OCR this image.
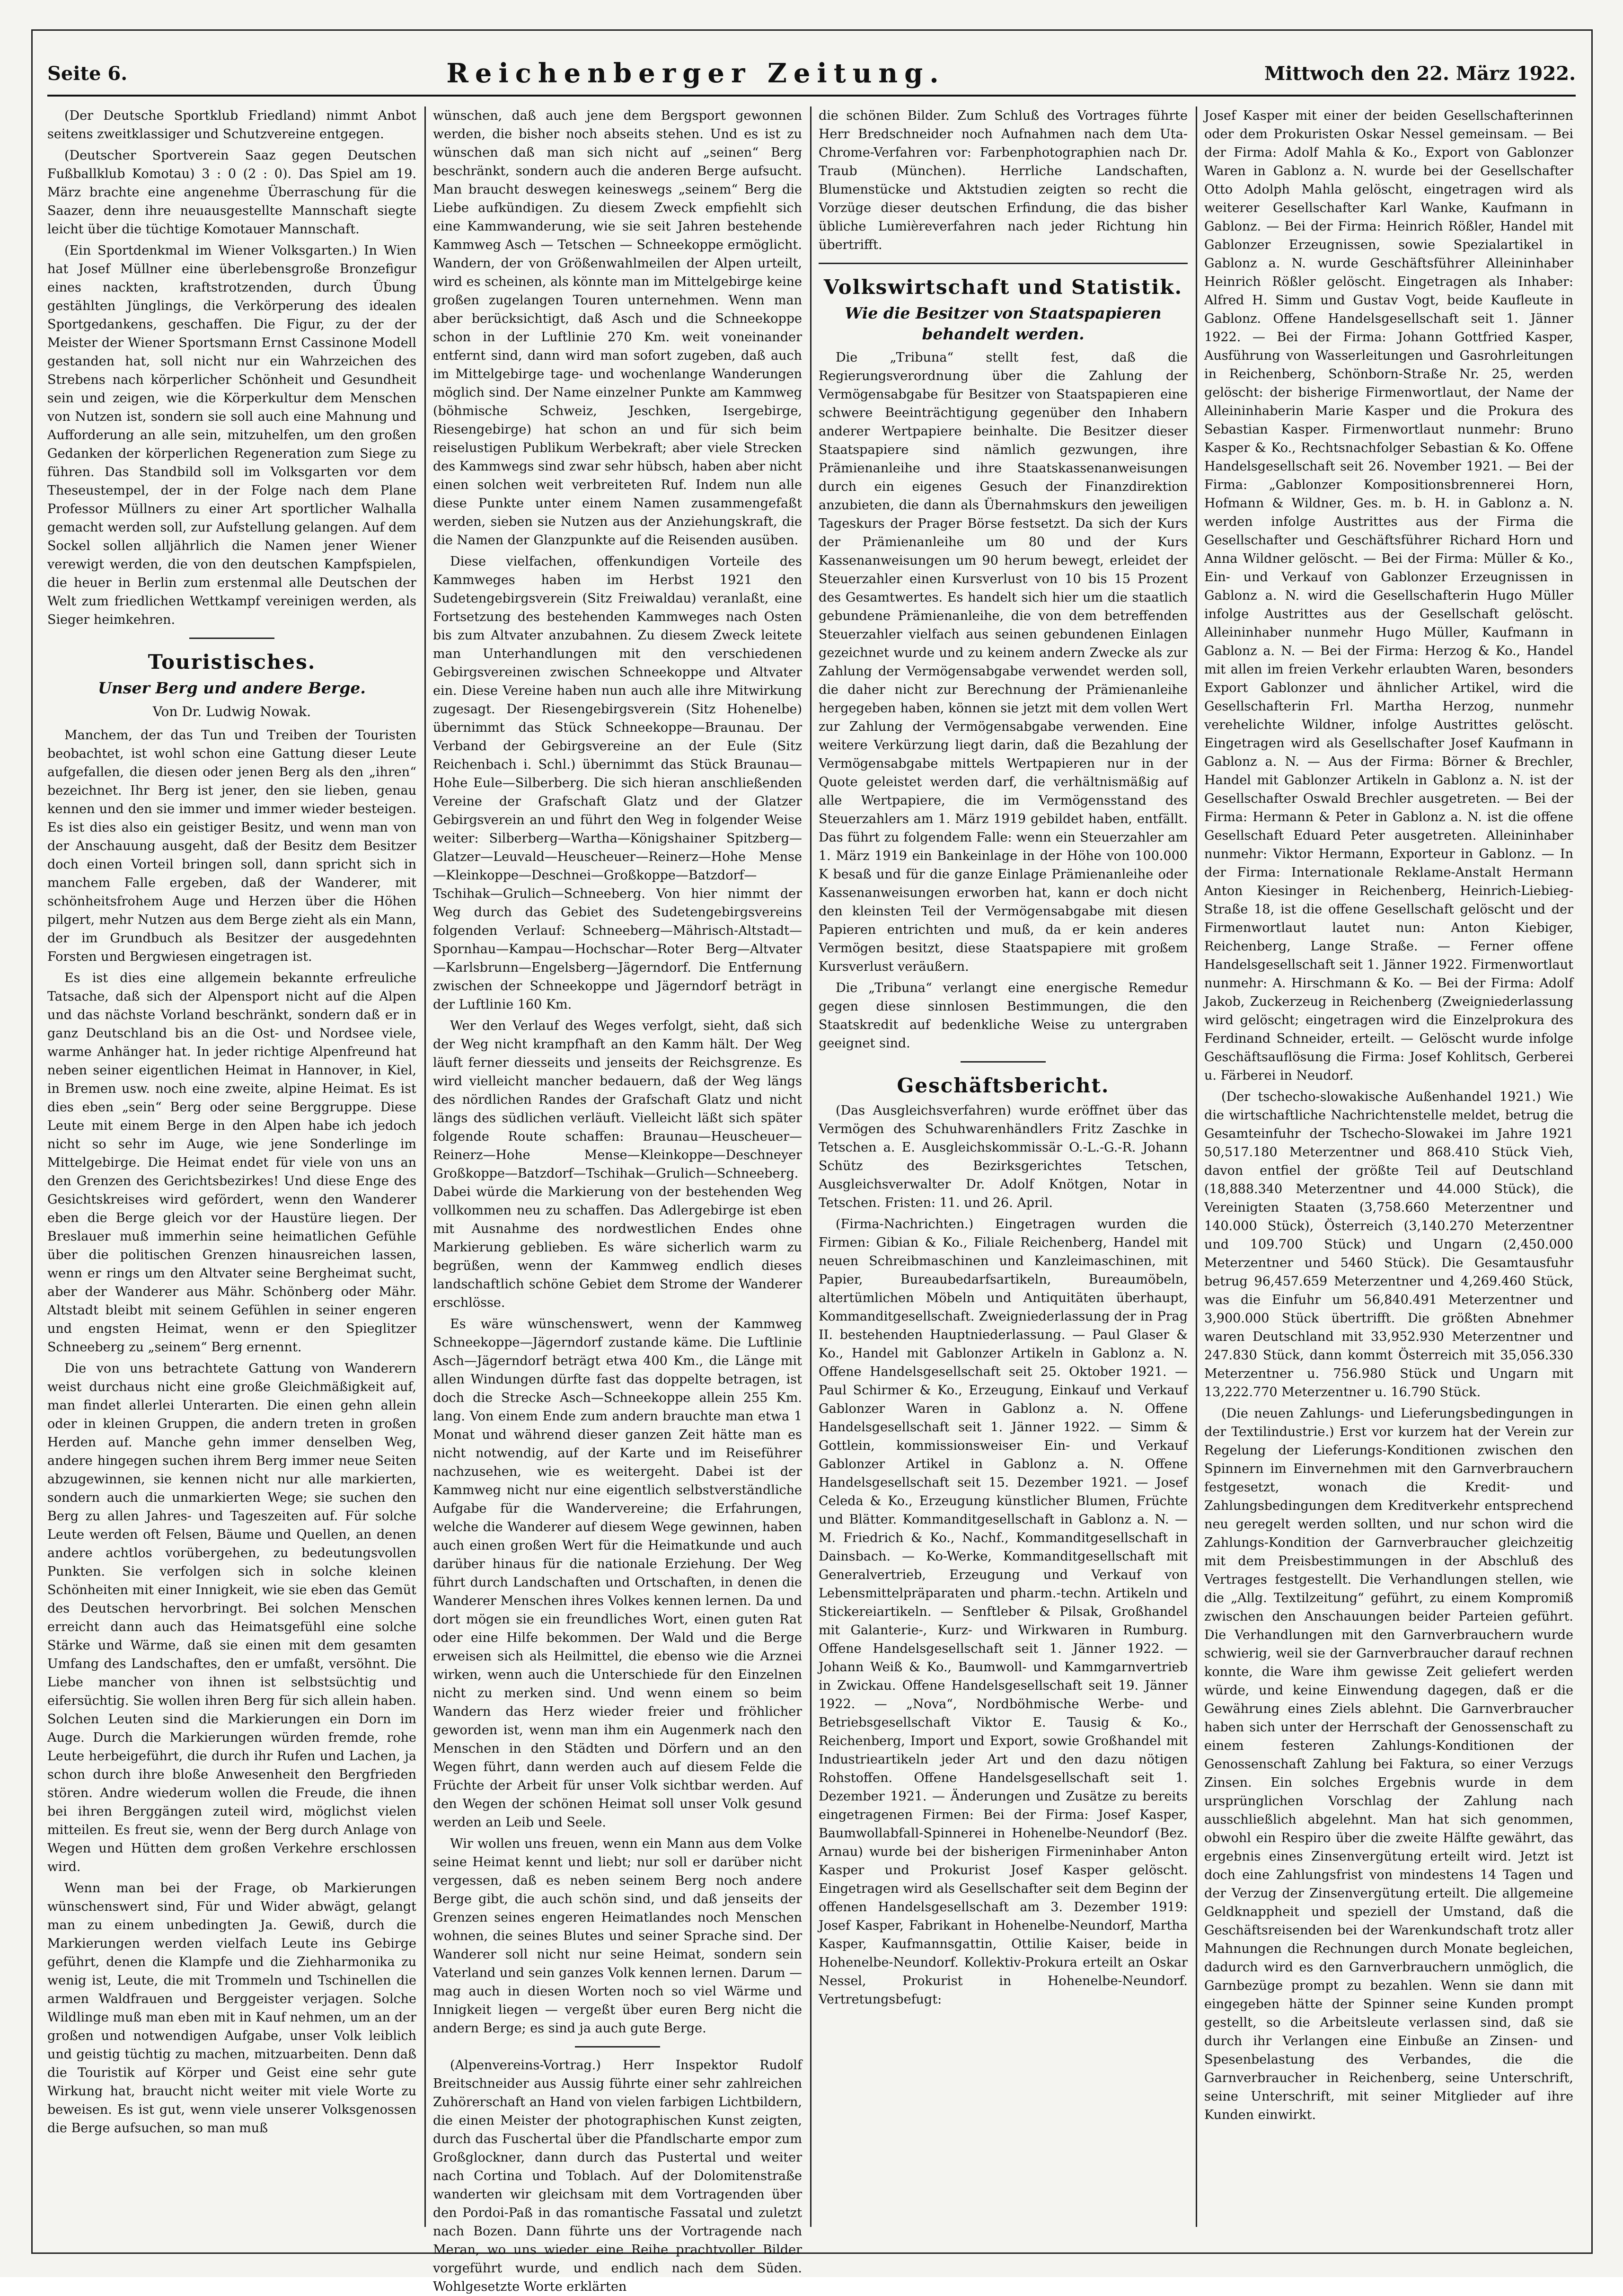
Seite 6.	Reichenberger Zeitung.	Mittwoch den 22. März 1922.

(Der Deutsche Sportklub Friedland) nimmt Anbot seitens zweitklassiger und Schutzvereine entgegen.

(Deutscher Sportverein Saaz gegen Deutschen Fußballklub Komotau) 3 : 0 (2 : 0). Das Spiel am 19. März brachte eine angenehme Überraschung für die Saazer, denn ihre neuausgestellte Mannschaft siegte leicht über die tüchtige Komotauer Mannschaft.

(Ein Sportdenkmal im Wiener Volksgarten.) In Wien hat Josef Müllner eine überlebensgroße Bronzefigur eines nackten, kraftstrotzenden, durch Übung gestählten Jünglings, die Verkörperung des idealen Sportgedankens, geschaffen. Die Figur, zu der der Meister der Wiener Sportsmann Ernst Cassinone Modell gestanden hat, soll nicht nur ein Wahrzeichen des Strebens nach körperlicher Schönheit und Gesundheit sein und zeigen, wie die Körperkultur dem Menschen von Nutzen ist, sondern sie soll auch eine Mahnung und Aufforderung an alle sein, mitzuhelfen, um den großen Gedanken der körperlichen Regeneration zum Siege zu führen. Das Standbild soll im Volksgarten vor dem Theseustempel, der in der Folge nach dem Plane Professor Müllners zu einer Art sportlicher Walhalla gemacht werden soll, zur Aufstellung gelangen. Auf dem Sockel sollen alljährlich die Namen jener Wiener verewigt werden, die von den deutschen Kampfspielen, die heuer in Berlin zum erstenmal alle Deutschen der Welt zum friedlichen Wettkampf vereinigen werden, als Sieger heimkehren.

Touristisches.
Unser Berg und andere Berge.
Von Dr. Ludwig Nowak.

Manchem, der das Tun und Treiben der Touristen beobachtet, ist wohl schon eine Gattung dieser Leute aufgefallen, die diesen oder jenen Berg als den „ihren“ bezeichnet. Ihr Berg ist jener, den sie lieben, genau kennen und den sie immer und immer wieder besteigen. Es ist dies also ein geistiger Besitz, und wenn man von der Anschauung ausgeht, daß der Besitz dem Besitzer doch einen Vorteil bringen soll, dann spricht sich in manchem Falle ergeben, daß der Wanderer, mit schönheitsfrohem Auge und Herzen über die Höhen pilgert, mehr Nutzen aus dem Berge zieht als ein Mann, der im Grundbuch als Besitzer der ausgedehnten Forsten und Bergwiesen eingetragen ist.

Es ist dies eine allgemein bekannte erfreuliche Tatsache, daß sich der Alpensport nicht auf die Alpen und das nächste Vorland beschränkt, sondern daß er in ganz Deutschland bis an die Ost- und Nordsee viele, warme Anhänger hat. In jeder richtige Alpenfreund hat neben seiner eigentlichen Heimat in Hannover, in Kiel, in Bremen usw. noch eine zweite, alpine Heimat. Es ist dies eben „sein“ Berg oder seine Berggruppe. Diese Leute mit einem Berge in den Alpen habe ich jedoch nicht so sehr im Auge, wie jene Sonderlinge im Mittelgebirge. Die Heimat endet für viele von uns an den Grenzen des Gerichtsbezirkes! Und diese Enge des Gesichtskreises wird gefördert, wenn den Wanderer eben die Berge gleich vor der Haustüre liegen. Der Breslauer muß immerhin seine heimatlichen Gefühle über die politischen Grenzen hinausreichen lassen, wenn er rings um den Altvater seine Bergheimat sucht, aber der Wanderer aus Mähr. Schönberg oder Mähr. Altstadt bleibt mit seinem Gefühlen in seiner engeren und engsten Heimat, wenn er den Spieglitzer Schneeberg zu „seinem“ Berg ernennt.

Die von uns betrachtete Gattung von Wanderern weist durchaus nicht eine große Gleichmäßigkeit auf, man findet allerlei Unterarten. Die einen gehn allein oder in kleinen Gruppen, die andern treten in großen Herden auf. Manche gehn immer denselben Weg, andere hingegen suchen ihrem Berg immer neue Seiten abzugewinnen, sie kennen nicht nur alle markierten, sondern auch die unmarkierten Wege; sie suchen den Berg zu allen Jahres- und Tageszeiten auf. Für solche Leute werden oft Felsen, Bäume und Quellen, an denen andere achtlos vorübergehen, zu bedeutungsvollen Punkten. Sie verfolgen sich in solche kleinen Schönheiten mit einer Innigkeit, wie sie eben das Gemüt des Deutschen hervorbringt. Bei solchen Menschen erreicht dann auch das Heimatsgefühl eine solche Stärke und Wärme, daß sie einen mit dem gesamten Umfang des Landschaftes, den er umfaßt, versöhnt. Die Liebe mancher von ihnen ist selbstsüchtig und eifersüchtig. Sie wollen ihren Berg für sich allein haben. Solchen Leuten sind die Markierungen ein Dorn im Auge. Durch die Markierungen würden fremde, rohe Leute herbeigeführt, die durch ihr Rufen und Lachen, ja schon durch ihre bloße Anwesenheit den Bergfrieden stören. Andre wiederum wollen die Freude, die ihnen bei ihren Berggängen zuteil wird, möglichst vielen mitteilen. Es freut sie, wenn der Berg durch Anlage von Wegen und Hütten dem großen Verkehre erschlossen wird.

Wenn man bei der Frage, ob Markierungen wünschenswert sind, Für und Wider abwägt, gelangt man zu einem unbedingten Ja. Gewiß, durch die Markierungen werden vielfach Leute ins Gebirge geführt, denen die Klampfe und die Ziehharmonika zu wenig ist, Leute, die mit Trommeln und Tschinellen die armen Waldfrauen und Berggeister verjagen. Solche Wildlinge muß man eben mit in Kauf nehmen, um an der großen und notwendigen Aufgabe, unser Volk leiblich und geistig tüchtig zu machen, mitzuarbeiten. Denn daß die Touristik auf Körper und Geist eine sehr gute Wirkung hat, braucht nicht weiter mit viele Worte zu beweisen. Es ist gut, wenn viele unserer Volksgenossen die Berge aufsuchen, so man muß

wünschen, daß auch jene dem Bergsport gewonnen werden, die bisher noch abseits stehen. Und es ist zu wünschen daß man sich nicht auf „seinen“ Berg beschränkt, sondern auch die anderen Berge aufsucht. Man braucht deswegen keineswegs „seinem“ Berg die Liebe aufkündigen. Zu diesem Zweck empfiehlt sich eine Kammwanderung, wie sie seit Jahren bestehende Kammweg Asch — Tetschen — Schneekoppe ermöglicht. Wandern, der von Größenwahlmeilen der Alpen urteilt, wird es scheinen, als könnte man im Mittelgebirge keine großen zugelangen Touren unternehmen. Wenn man aber berücksichtigt, daß Asch und die Schneekoppe schon in der Luftlinie 270 Km. weit voneinander entfernt sind, dann wird man sofort zugeben, daß auch im Mittelgebirge tage- und wochenlange Wanderungen möglich sind. Der Name einzelner Punkte am Kammweg (böhmische Schweiz, Jeschken, Isergebirge, Riesengebirge) hat schon an und für sich beim reiselustigen Publikum Werbekraft; aber viele Strecken des Kammwegs sind zwar sehr hübsch, haben aber nicht einen solchen weit verbreiteten Ruf. Indem nun alle diese Punkte unter einem Namen zusammengefaßt werden, sieben sie Nutzen aus der Anziehungskraft, die die Namen der Glanzpunkte auf die Reisenden ausüben.

Diese vielfachen, offenkundigen Vorteile des Kammweges haben im Herbst 1921 den Sudetengebirgsverein (Sitz Freiwaldau) veranlaßt, eine Fortsetzung des bestehenden Kammweges nach Osten bis zum Altvater anzubahnen. Zu diesem Zweck leitete man Unterhandlungen mit den verschiedenen Gebirgsvereinen zwischen Schneekoppe und Altvater ein. Diese Vereine haben nun auch alle ihre Mitwirkung zugesagt. Der Riesengebirgsverein (Sitz Hohenelbe) übernimmt das Stück Schneekoppe—Braunau. Der Verband der Gebirgsvereine an der Eule (Sitz Reichenbach i. Schl.) übernimmt das Stück Braunau—Hohe Eule—Silberberg. Die sich hieran anschließenden Vereine der Grafschaft Glatz und der Glatzer Gebirgsverein an und führt den Weg in folgender Weise weiter: Silberberg—Wartha—Königshainer Spitzberg—Glatzer—Leuvald—Heuscheuer—Reinerz—Hohe Mense—Kleinkoppe—Deschnei—Großkoppe—Batzdorf—Tschihak—Grulich—Schneeberg. Von hier nimmt der Weg durch das Gebiet des Sudetengebirgsvereins folgenden Verlauf: Schneeberg—Mährisch-Altstadt—Spornhau—Kampau—Hochschar—Roter Berg—Altvater—Karlsbrunn—Engelsberg—Jägerndorf. Die Entfernung zwischen der Schneekoppe und Jägerndorf beträgt in der Luftlinie 160 Km.

Wer den Verlauf des Weges verfolgt, sieht, daß sich der Weg nicht krampfhaft an den Kamm hält. Der Weg läuft ferner diesseits und jenseits der Reichsgrenze. Es wird vielleicht mancher bedauern, daß der Weg längs des nördlichen Randes der Grafschaft Glatz und nicht längs des südlichen verläuft. Vielleicht läßt sich später folgende Route schaffen: Braunau—Heuscheuer—Reinerz—Hohe Mense—Kleinkoppe—Deschneyer Großkoppe—Batzdorf—Tschihak—Grulich—Schneeberg. Dabei würde die Markierung von der bestehenden Weg vollkommen neu zu schaffen. Das Adlergebirge ist eben mit Ausnahme des nordwestlichen Endes ohne Markierung geblieben. Es wäre sicherlich warm zu begrüßen, wenn der Kammweg endlich dieses landschaftlich schöne Gebiet dem Strome der Wanderer erschlösse.

Es wäre wünschenswert, wenn der Kammweg Schneekoppe—Jägerndorf zustande käme. Die Luftlinie Asch—Jägerndorf beträgt etwa 400 Km., die Länge mit allen Windungen dürfte fast das doppelte betragen, ist doch die Strecke Asch—Schneekoppe allein 255 Km. lang. Von einem Ende zum andern brauchte man etwa 1 Monat und während dieser ganzen Zeit hätte man es nicht notwendig, auf der Karte und im Reiseführer nachzusehen, wie es weitergeht. Dabei ist der Kammweg nicht nur eine eigentlich selbstverständliche Aufgabe für die Wandervereine; die Erfahrungen, welche die Wanderer auf diesem Wege gewinnen, haben auch einen großen Wert für die Heimatkunde und auch darüber hinaus für die nationale Erziehung. Der Weg führt durch Landschaften und Ortschaften, in denen die Wanderer Menschen ihres Volkes kennen lernen. Da und dort mögen sie ein freundliches Wort, einen guten Rat oder eine Hilfe bekommen. Der Wald und die Berge erweisen sich als Heilmittel, die ebenso wie die Arznei wirken, wenn auch die Unterschiede für den Einzelnen nicht zu merken sind. Und wenn einem so beim Wandern das Herz wieder freier und fröhlicher geworden ist, wenn man ihm ein Augenmerk nach den Menschen in den Städten und Dörfern und an den Wegen führt, dann werden auch auf diesem Felde die Früchte der Arbeit für unser Volk sichtbar werden. Auf den Wegen der schönen Heimat soll unser Volk gesund werden an Leib und Seele.

Wir wollen uns freuen, wenn ein Mann aus dem Volke seine Heimat kennt und liebt; nur soll er darüber nicht vergessen, daß es neben seinem Berg noch andere Berge gibt, die auch schön sind, und daß jenseits der Grenzen seines engeren Heimatlandes noch Menschen wohnen, die seines Blutes und seiner Sprache sind. Der Wanderer soll nicht nur seine Heimat, sondern sein Vaterland und sein ganzes Volk kennen lernen. Darum — mag auch in diesen Worten noch so viel Wärme und Innigkeit liegen — vergeßt über euren Berg nicht die andern Berge; es sind ja auch gute Berge.

(Alpenvereins-Vortrag.) Herr Inspektor Rudolf Breitschneider aus Aussig führte einer sehr zahlreichen Zuhörerschaft an Hand von vielen farbigen Lichtbildern, die einen Meister der photographischen Kunst zeigten, durch das Fuschertal über die Pfandlscharte empor zum Großglockner, dann durch das Pustertal und weiter nach Cortina und Toblach. Auf der Dolomitenstraße wanderten wir gleichsam mit dem Vortragenden über den Pordoi-Paß in das romantische Fassatal und zuletzt nach Bozen. Dann führte uns der Vortragende nach Meran, wo uns wieder eine Reihe prachtvoller Bilder vorgeführt wurde, und endlich nach dem Süden. Wohlgesetzte Worte erklärten

die schönen Bilder. Zum Schluß des Vortrages führte Herr Bredschneider noch Aufnahmen nach dem Uta-Chrome-Verfahren vor: Farbenphotographien nach Dr. Traub (München). Herrliche Landschaften, Blumenstücke und Aktstudien zeigten so recht die Vorzüge dieser deutschen Erfindung, die das bisher übliche Lumièreverfahren nach jeder Richtung hin übertrifft.

Volkswirtschaft und Statistik.
Wie die Besitzer von Staatspapieren behandelt werden.

Die „Tribuna“ stellt fest, daß die Regierungsverordnung über die Zahlung der Vermögensabgabe für Besitzer von Staatspapieren eine schwere Beeinträchtigung gegenüber den Inhabern anderer Wertpapiere beinhalte. Die Besitzer dieser Staatspapiere sind nämlich gezwungen, ihre Prämienanleihe und ihre Staatskassenanweisungen durch ein eigenes Gesuch der Finanzdirektion anzubieten, die dann als Übernahmskurs den jeweiligen Tageskurs der Prager Börse festsetzt. Da sich der Kurs der Prämienanleihe um 80 und der Kurs Kassenanweisungen um 90 herum bewegt, erleidet der Steuerzahler einen Kursverlust von 10 bis 15 Prozent des Gesamtwertes. Es handelt sich hier um die staatlich gebundene Prämienanleihe, die von dem betreffenden Steuerzahler vielfach aus seinen gebundenen Einlagen gezeichnet wurde und zu keinem andern Zwecke als zur Zahlung der Vermögensabgabe verwendet werden soll, die daher nicht zur Berechnung der Prämienanleihe hergegeben haben, können sie jetzt mit dem vollen Wert zur Zahlung der Vermögensabgabe verwenden. Eine weitere Verkürzung liegt darin, daß die Bezahlung der Vermögensabgabe mittels Wertpapieren nur in der Quote geleistet werden darf, die verhältnismäßig auf alle Wertpapiere, die im Vermögensstand des Steuerzahlers am 1. März 1919 gebildet haben, entfällt. Das führt zu folgendem Falle: wenn ein Steuerzahler am 1. März 1919 ein Bankeinlage in der Höhe von 100.000 K besaß und für die ganze Einlage Prämienanleihe oder Kassenanweisungen erworben hat, kann er doch nicht den kleinsten Teil der Vermögensabgabe mit diesen Papieren entrichten und muß, da er kein anderes Vermögen besitzt, diese Staatspapiere mit großem Kursverlust veräußern.

Die „Tribuna“ verlangt eine energische Remedur gegen diese sinnlosen Bestimmungen, die den Staatskredit auf bedenkliche Weise zu untergraben geeignet sind.

Geschäftsbericht.

(Das Ausgleichsverfahren) wurde eröffnet über das Vermögen des Schuhwarenhändlers Fritz Zaschke in Tetschen a. E. Ausgleichskommissär O.-L.-G.-R. Johann Schütz des Bezirksgerichtes Tetschen, Ausgleichsverwalter Dr. Adolf Knötgen, Notar in Tetschen. Fristen: 11. und 26. April.

(Firma-Nachrichten.) Eingetragen wurden die Firmen: Gibian & Ko., Filiale Reichenberg, Handel mit neuen Schreibmaschinen und Kanzleimaschinen, mit Papier, Bureaubedarfsartikeln, Bureaumöbeln, altertümlichen Möbeln und Antiquitäten überhaupt, Kommanditgesellschaft. Zweigniederlassung der in Prag II. bestehenden Hauptniederlassung. — Paul Glaser & Ko., Handel mit Gablonzer Artikeln in Gablonz a. N. Offene Handelsgesellschaft seit 25. Oktober 1921. — Paul Schirmer & Ko., Erzeugung, Einkauf und Verkauf Gablonzer Waren in Gablonz a. N. Offene Handelsgesellschaft seit 1. Jänner 1922. — Simm & Gottlein, kommissionsweiser Ein- und Verkauf Gablonzer Artikel in Gablonz a. N. Offene Handelsgesellschaft seit 15. Dezember 1921. — Josef Celeda & Ko., Erzeugung künstlicher Blumen, Früchte und Blätter. Kommanditgesellschaft in Gablonz a. N. — M. Friedrich & Ko., Nachf., Kommanditgesellschaft in Dainsbach. — Ko-Werke, Kommanditgesellschaft mit Generalvertrieb, Erzeugung und Verkauf von Lebensmittelpräparaten und pharm.-techn. Artikeln und Stickereiartikeln. — Senftleber & Pilsak, Großhandel mit Galanterie-, Kurz- und Wirkwaren in Rumburg. Offene Handelsgesellschaft seit 1. Jänner 1922. — Johann Weiß & Ko., Baumwoll- und Kammgarnvertrieb in Zwickau. Offene Handelsgesellschaft seit 19. Jänner 1922. — „Nova“, Nordböhmische Werbe- und Betriebsgesellschaft Viktor E. Tausig & Ko., Reichenberg, Import und Export, sowie Großhandel mit Industrieartikeln jeder Art und den dazu nötigen Rohstoffen. Offene Handelsgesellschaft seit 1. Dezember 1921. — Änderungen und Zusätze zu bereits eingetragenen Firmen: Bei der Firma: Josef Kasper, Baumwollabfall-Spinnerei in Hohenelbe-Neundorf (Bez. Arnau) wurde bei der bisherigen Firmeninhaber Anton Kasper und Prokurist Josef Kasper gelöscht. Eingetragen wird als Gesellschafter seit dem Beginn der offenen Handelsgesellschaft am 3. Dezember 1919: Josef Kasper, Fabrikant in Hohenelbe-Neundorf, Martha Kasper, Kaufmannsgattin, Ottilie Kaiser, beide in Hohenelbe-Neundorf. Kollektiv-Prokura erteilt an Oskar Nessel, Prokurist in Hohenelbe-Neundorf. Vertretungsbefugt:

Josef Kasper mit einer der beiden Gesellschafterinnen oder dem Prokuristen Oskar Nessel gemeinsam. — Bei der Firma: Adolf Mahla & Ko., Export von Gablonzer Waren in Gablonz a. N. wurde bei der Gesellschafter Otto Adolph Mahla gelöscht, eingetragen wird als weiterer Gesellschafter Karl Wanke, Kaufmann in Gablonz. — Bei der Firma: Heinrich Rößler, Handel mit Gablonzer Erzeugnissen, sowie Spezialartikel in Gablonz a. N. wurde Geschäftsführer Alleininhaber Heinrich Rößler gelöscht. Eingetragen als Inhaber: Alfred H. Simm und Gustav Vogt, beide Kaufleute in Gablonz. Offene Handelsgesellschaft seit 1. Jänner 1922. — Bei der Firma: Johann Gottfried Kasper, Ausführung von Wasserleitungen und Gasrohrleitungen in Reichenberg, Schönborn-Straße Nr. 25, werden gelöscht: der bisherige Firmenwortlaut, der Name der Alleininhaberin Marie Kasper und die Prokura des Sebastian Kasper. Firmenwortlaut nunmehr: Bruno Kasper & Ko., Rechtsnachfolger Sebastian & Ko. Offene Handelsgesellschaft seit 26. November 1921. — Bei der Firma: „Gablonzer Kompositionsbrennerei Horn, Hofmann & Wildner, Ges. m. b. H. in Gablonz a. N. werden infolge Austrittes aus der Firma die Gesellschafter und Geschäftsführer Richard Horn und Anna Wildner gelöscht. — Bei der Firma: Müller & Ko., Ein- und Verkauf von Gablonzer Erzeugnissen in Gablonz a. N. wird die Gesellschafterin Hugo Müller infolge Austrittes aus der Gesellschaft gelöscht. Alleininhaber nunmehr Hugo Müller, Kaufmann in Gablonz a. N. — Bei der Firma: Herzog & Ko., Handel mit allen im freien Verkehr erlaubten Waren, besonders Export Gablonzer und ähnlicher Artikel, wird die Gesellschafterin Frl. Martha Herzog, nunmehr verehelichte Wildner, infolge Austrittes gelöscht. Eingetragen wird als Gesellschafter Josef Kaufmann in Gablonz a. N. — Aus der Firma: Börner & Brechler, Handel mit Gablonzer Artikeln in Gablonz a. N. ist der Gesellschafter Oswald Brechler ausgetreten. — Bei der Firma: Hermann & Peter in Gablonz a. N. ist die offene Gesellschaft Eduard Peter ausgetreten. Alleininhaber nunmehr: Viktor Hermann, Exporteur in Gablonz. — In der Firma: Internationale Reklame-Anstalt Hermann Anton Kiesinger in Reichenberg, Heinrich-Liebieg-Straße 18, ist die offene Gesellschaft gelöscht und der Firmenwortlaut lautet nun: Anton Kiebiger, Reichenberg, Lange Straße. — Ferner offene Handelsgesellschaft seit 1. Jänner 1922. Firmenwortlaut nunmehr: A. Hirschmann & Ko. — Bei der Firma: Adolf Jakob, Zuckerzeug in Reichenberg (Zweigniederlassung wird gelöscht; eingetragen wird die Einzelprokura des Ferdinand Schneider, erteilt. — Gelöscht wurde infolge Geschäftsauflösung die Firma: Josef Kohlitsch, Gerberei u. Färberei in Neudorf.

(Der tschecho-slowakische Außenhandel 1921.) Wie die wirtschaftliche Nachrichtenstelle meldet, betrug die Gesamteinfuhr der Tschecho-Slowakei im Jahre 1921 50,517.180 Meterzentner und 868.410 Stück Vieh, davon entfiel der größte Teil auf Deutschland (18,888.340 Meterzentner und 44.000 Stück), die Vereinigten Staaten (3,758.660 Meterzentner und 140.000 Stück), Österreich (3,140.270 Meterzentner und 109.700 Stück) und Ungarn (2,450.000 Meterzentner und 5460 Stück). Die Gesamtausfuhr betrug 96,457.659 Meterzentner und 4,269.460 Stück, was die Einfuhr um 56,840.491 Meterzentner und 3,900.000 Stück übertrifft. Die größten Abnehmer waren Deutschland mit 33,952.930 Meterzentner und 247.830 Stück, dann kommt Österreich mit 35,056.330 Meterzentner u. 756.980 Stück und Ungarn mit 13,222.770 Meterzentner u. 16.790 Stück.

(Die neuen Zahlungs- und Lieferungsbedingungen in der Textilindustrie.) Erst vor kurzem hat der Verein zur Regelung der Lieferungs-Konditionen zwischen den Spinnern im Einvernehmen mit den Garnverbrauchern festgesetzt, wonach die Kredit- und Zahlungsbedingungen dem Kreditverkehr entsprechend neu geregelt werden sollten, und nur schon wird die Zahlungs-Kondition der Garnverbraucher gleichzeitig mit dem Preisbestimmungen in der Abschluß des Vertrages festgestellt. Die Verhandlungen stellen, wie die „Allg. Textilzeitung“ geführt, zu einem Kompromiß zwischen den Anschauungen beider Parteien geführt. Die Verhandlungen mit den Garnverbrauchern wurde schwierig, weil sie der Garnverbraucher darauf rechnen konnte, die Ware ihm gewisse Zeit geliefert werden würde, und keine Einwendung dagegen, daß er die Gewährung eines Ziels ablehnt. Die Garnverbraucher haben sich unter der Herrschaft der Genossenschaft zu einem festeren Zahlungs-Konditionen der Genossenschaft Zahlung bei Faktura, so einer Verzugs Zinsen. Ein solches Ergebnis wurde in dem ursprünglichen Vorschlag der Zahlung nach ausschließlich abgelehnt. Man hat sich genommen, obwohl ein Respiro über die zweite Hälfte gewährt, das ergebnis eines Zinsenvergütung erteilt wird. Jetzt ist doch eine Zahlungsfrist von mindestens 14 Tagen und der Verzug der Zinsenvergütung erteilt. Die allgemeine Geldknappheit und speziell der Umstand, daß die Geschäftsreisenden bei der Warenkundschaft trotz aller Mahnungen die Rechnungen durch Monate begleichen, dadurch wird es den Garnverbrauchern unmöglich, die Garnbezüge prompt zu bezahlen. Wenn sie dann mit eingegeben hätte der Spinner seine Kunden prompt gestellt, so die Arbeitsleute verlassen sind, daß sie durch ihr Verlangen eine Einbuße an Zinsen- und Spesenbelastung des Verbandes, die die Garnverbraucher in Reichenberg, seine Unterschrift, seine Unterschrift, mit seiner Mitglieder auf ihre Kunden einwirkt.
